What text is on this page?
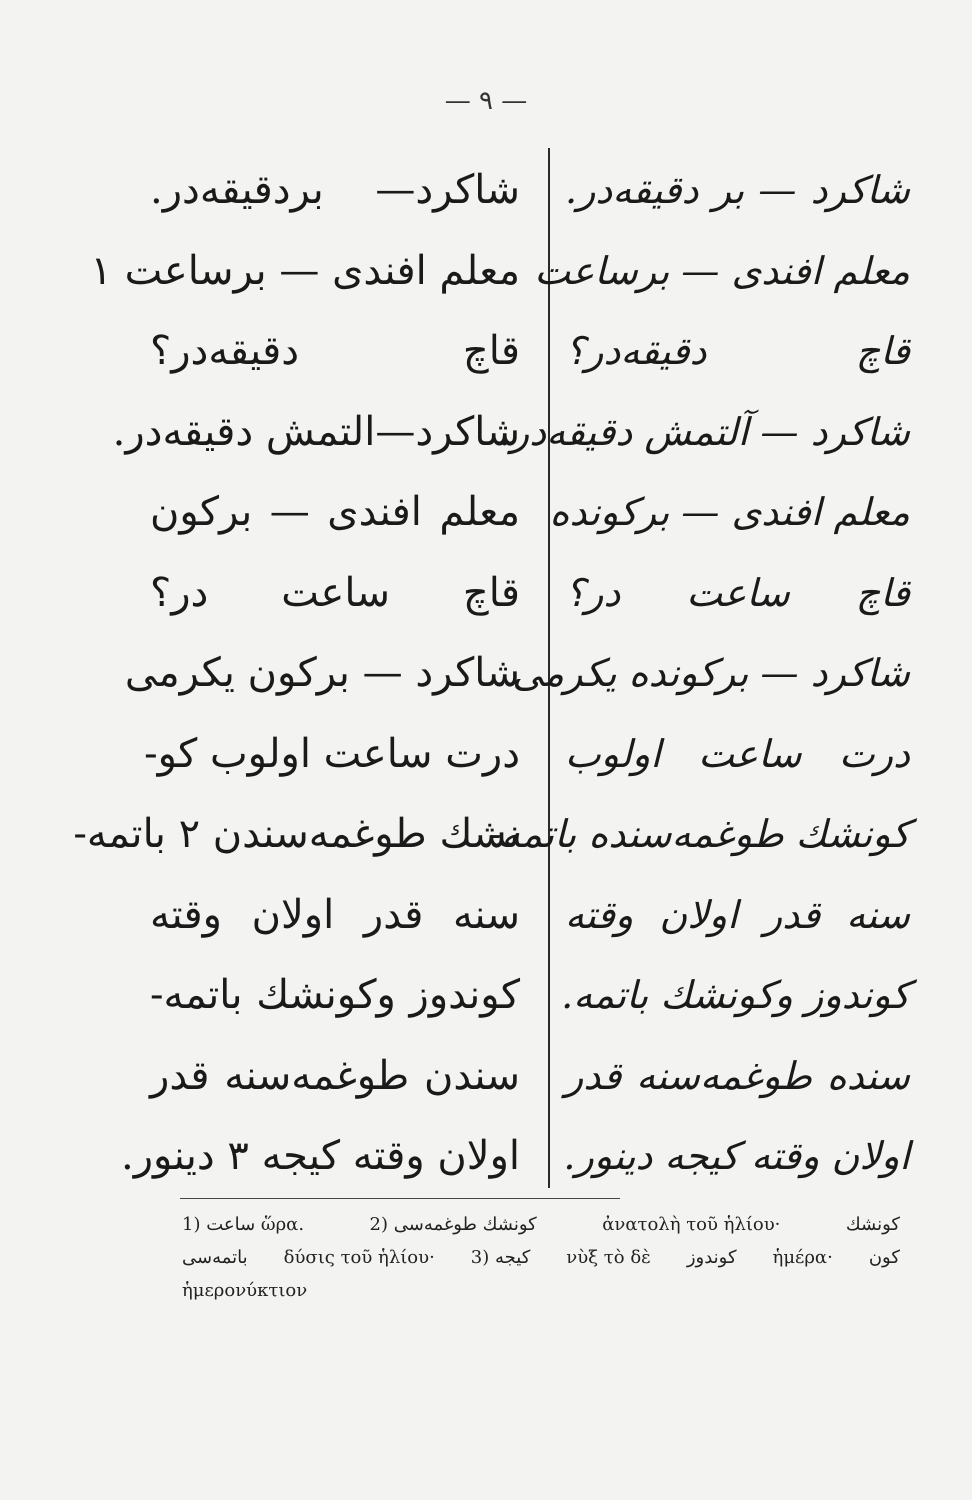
— ٩ —
شاكرد— بردقيقه‌در.
معلم افندى — برساعت ١
قاچ دقيقه‌در؟
شاكرد—التمش دقيقه‌در.
معلم افندى — بركون
قاچ ساعت در؟
شاكرد — بركون يكرمى
درت ساعت اولوب كو-
نشك طوغمه‌سندن ٢ باتمه-
سنه قدر اولان وقته
كوندوز وكونشك باتمه-
سندن طوغمه‌سنه قدر
اولان وقته كيجه ٣ دينور.
شاكرد — بر دقيقه‌در.
معلم افندى — برساعت
قاچ دقيقه‌در؟
شاكرد — آلتمش دقيقه‌در.
معلم افندى — بركونده
قاچ ساعت در؟
شاكرد — بركونده يكرمى
درت ساعت اولوب
كونشك طوغمه‌سنده باتمه-
سنه قدر اولان وقته
كوندوز وكونشك باتمه.
سنده طوغمه‌سنه قدر
اولان وقته كيجه دينور.
1) ساعت ὥρα.	2) كونشك طوغمه‌سى	ἀνατολὴ τοῦ ἡλίου·	كونشك
باتمه‌سى δύσις τοῦ ἡλίου· 3) كيجه νὺξ τὸ δὲ كوندوز ἡμέρα· كون
ἡμερονύκτιον
